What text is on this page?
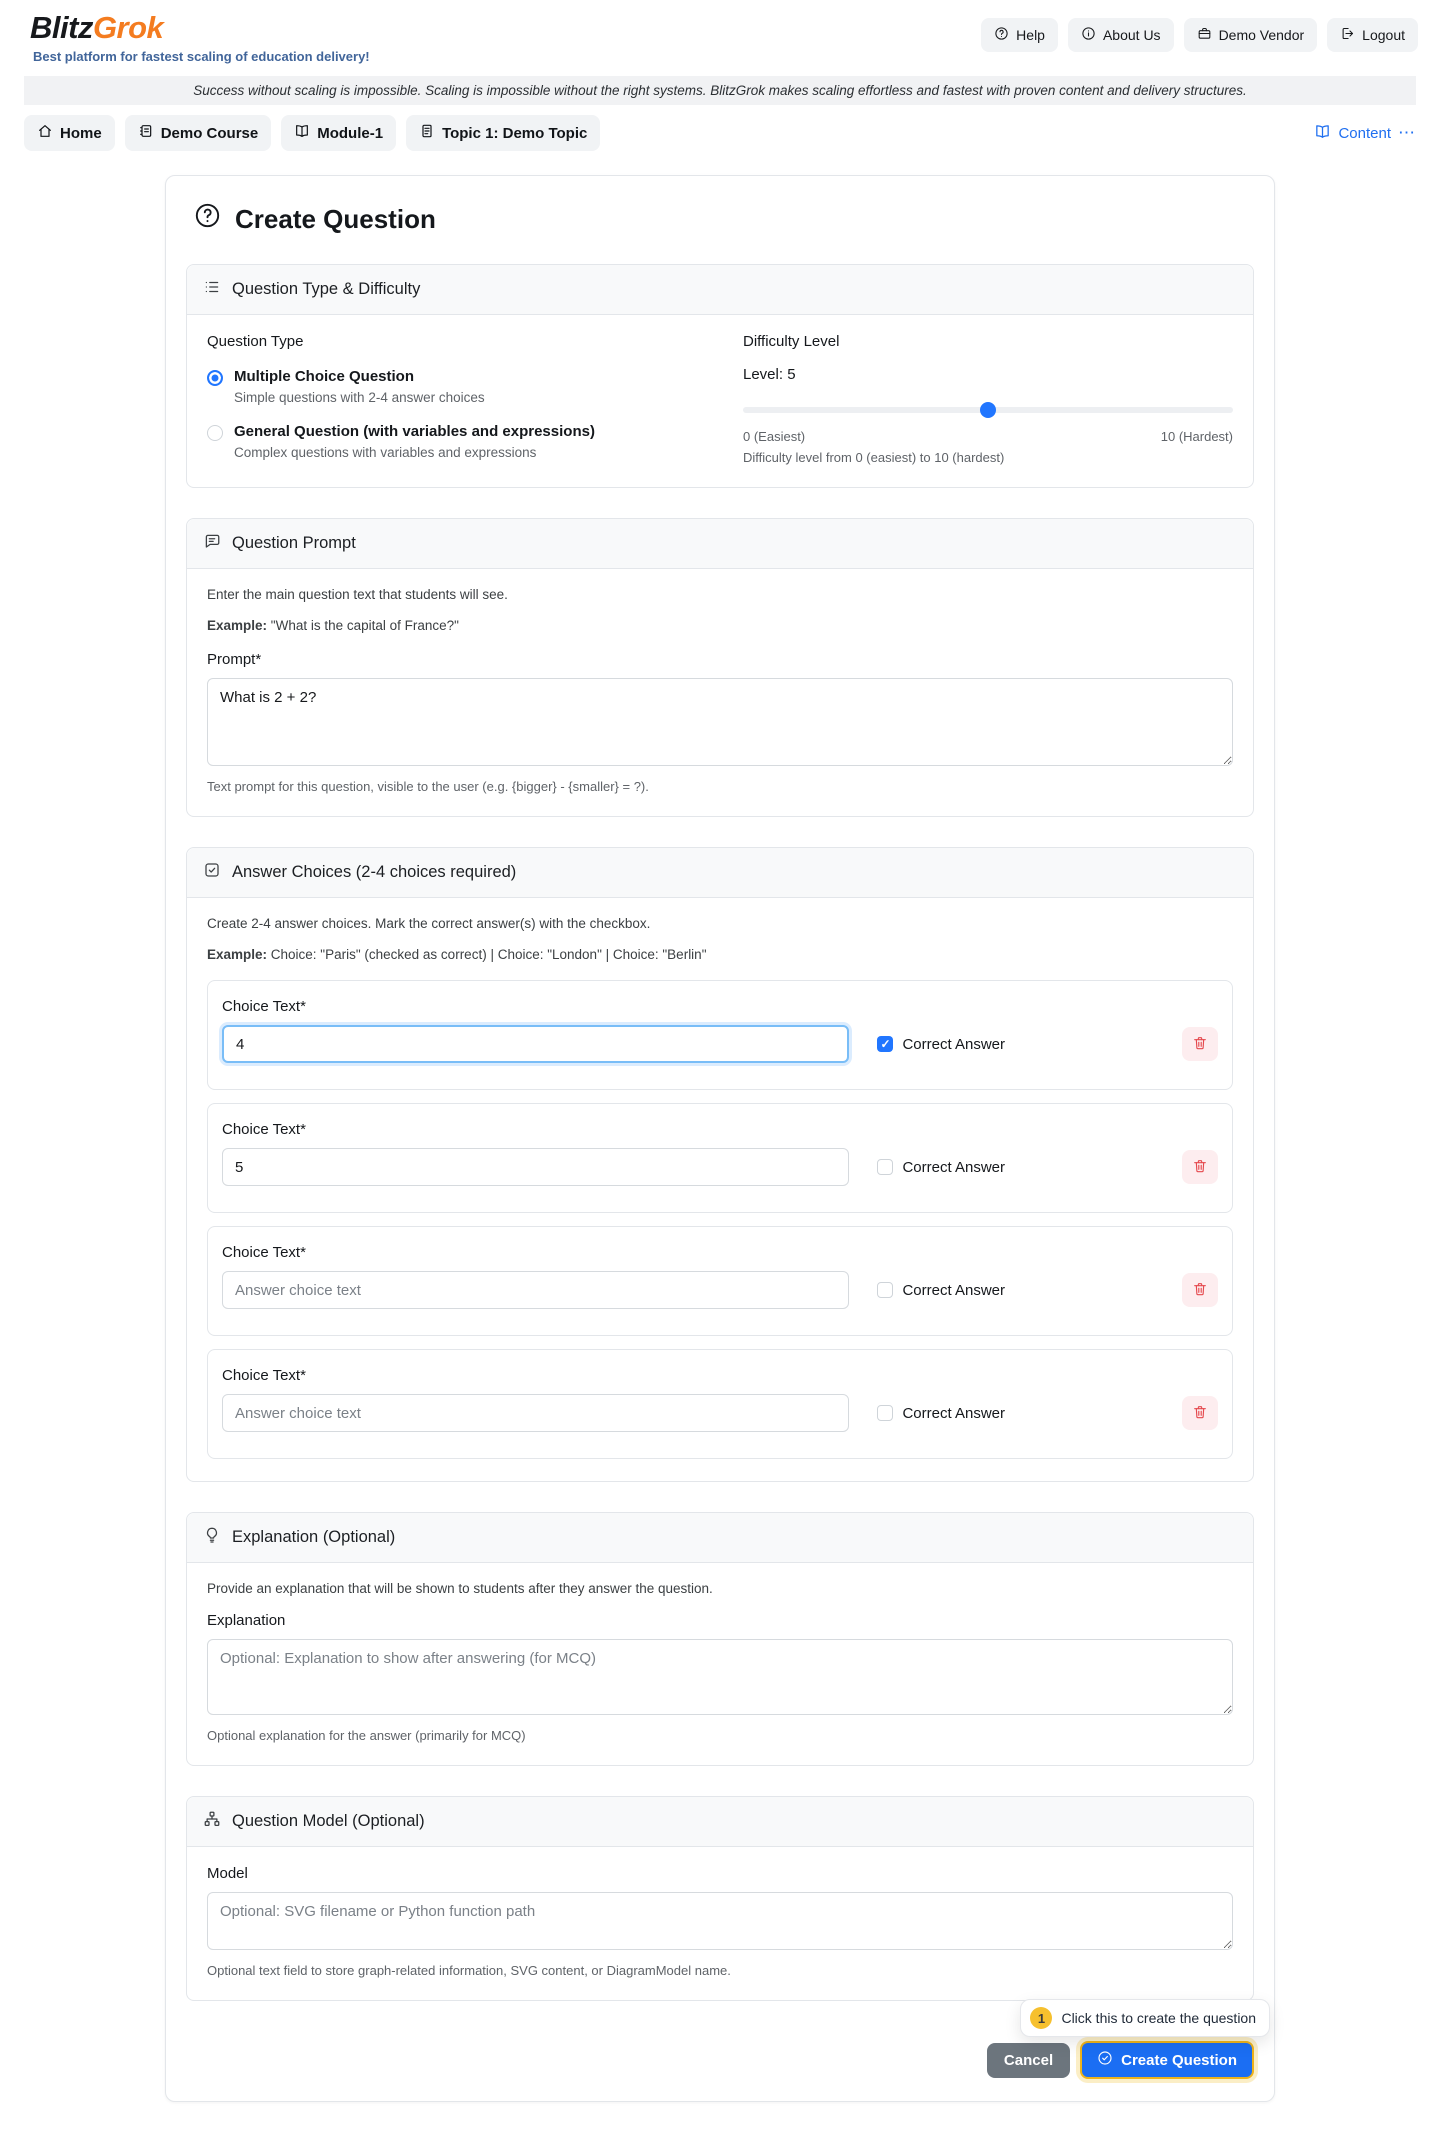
BlitzGrok
Best platform for fastest scaling of education delivery!
Help	About Us	Demo Vendor	Logout
Success without scaling is impossible. Scaling is impossible without the right systems. BlitzGrok makes scaling effortless and fastest with proven content and delivery structures.
Home	Demo Course	Module-1	Topic 1: Demo Topic	Content ⋯
Create Question
Question Type & Difficulty
Question Type
Multiple Choice Question
Simple questions with 2-4 answer choices
General Question (with variables and expressions)
Complex questions with variables and expressions
Difficulty Level
Level: 5
0 (Easiest)	10 (Hardest)
Difficulty level from 0 (easiest) to 10 (hardest)
Question Prompt
Enter the main question text that students will see.
Example: "What is the capital of France?"
Prompt*
What is 2 + 2?
Text prompt for this question, visible to the user (e.g. {bigger} - {smaller} = ?).
Answer Choices (2-4 choices required)
Create 2-4 answer choices. Mark the correct answer(s) with the checkbox.
Example: Choice: "Paris" (checked as correct) | Choice: "London" | Choice: "Berlin"
Choice Text*
4
✓
Correct Answer
Choice Text*
5
Correct Answer
Choice Text*
Answer choice text
Correct Answer
Choice Text*
Answer choice text
Correct Answer
Explanation (Optional)
Provide an explanation that will be shown to students after they answer the question.
Explanation
Optional: Explanation to show after answering (for MCQ)
Optional explanation for the answer (primarily for MCQ)
Question Model (Optional)
Model
Optional: SVG filename or Python function path
Optional text field to store graph-related information, SVG content, or DiagramModel name.
1	Click this to create the question
Cancel	Create Question
